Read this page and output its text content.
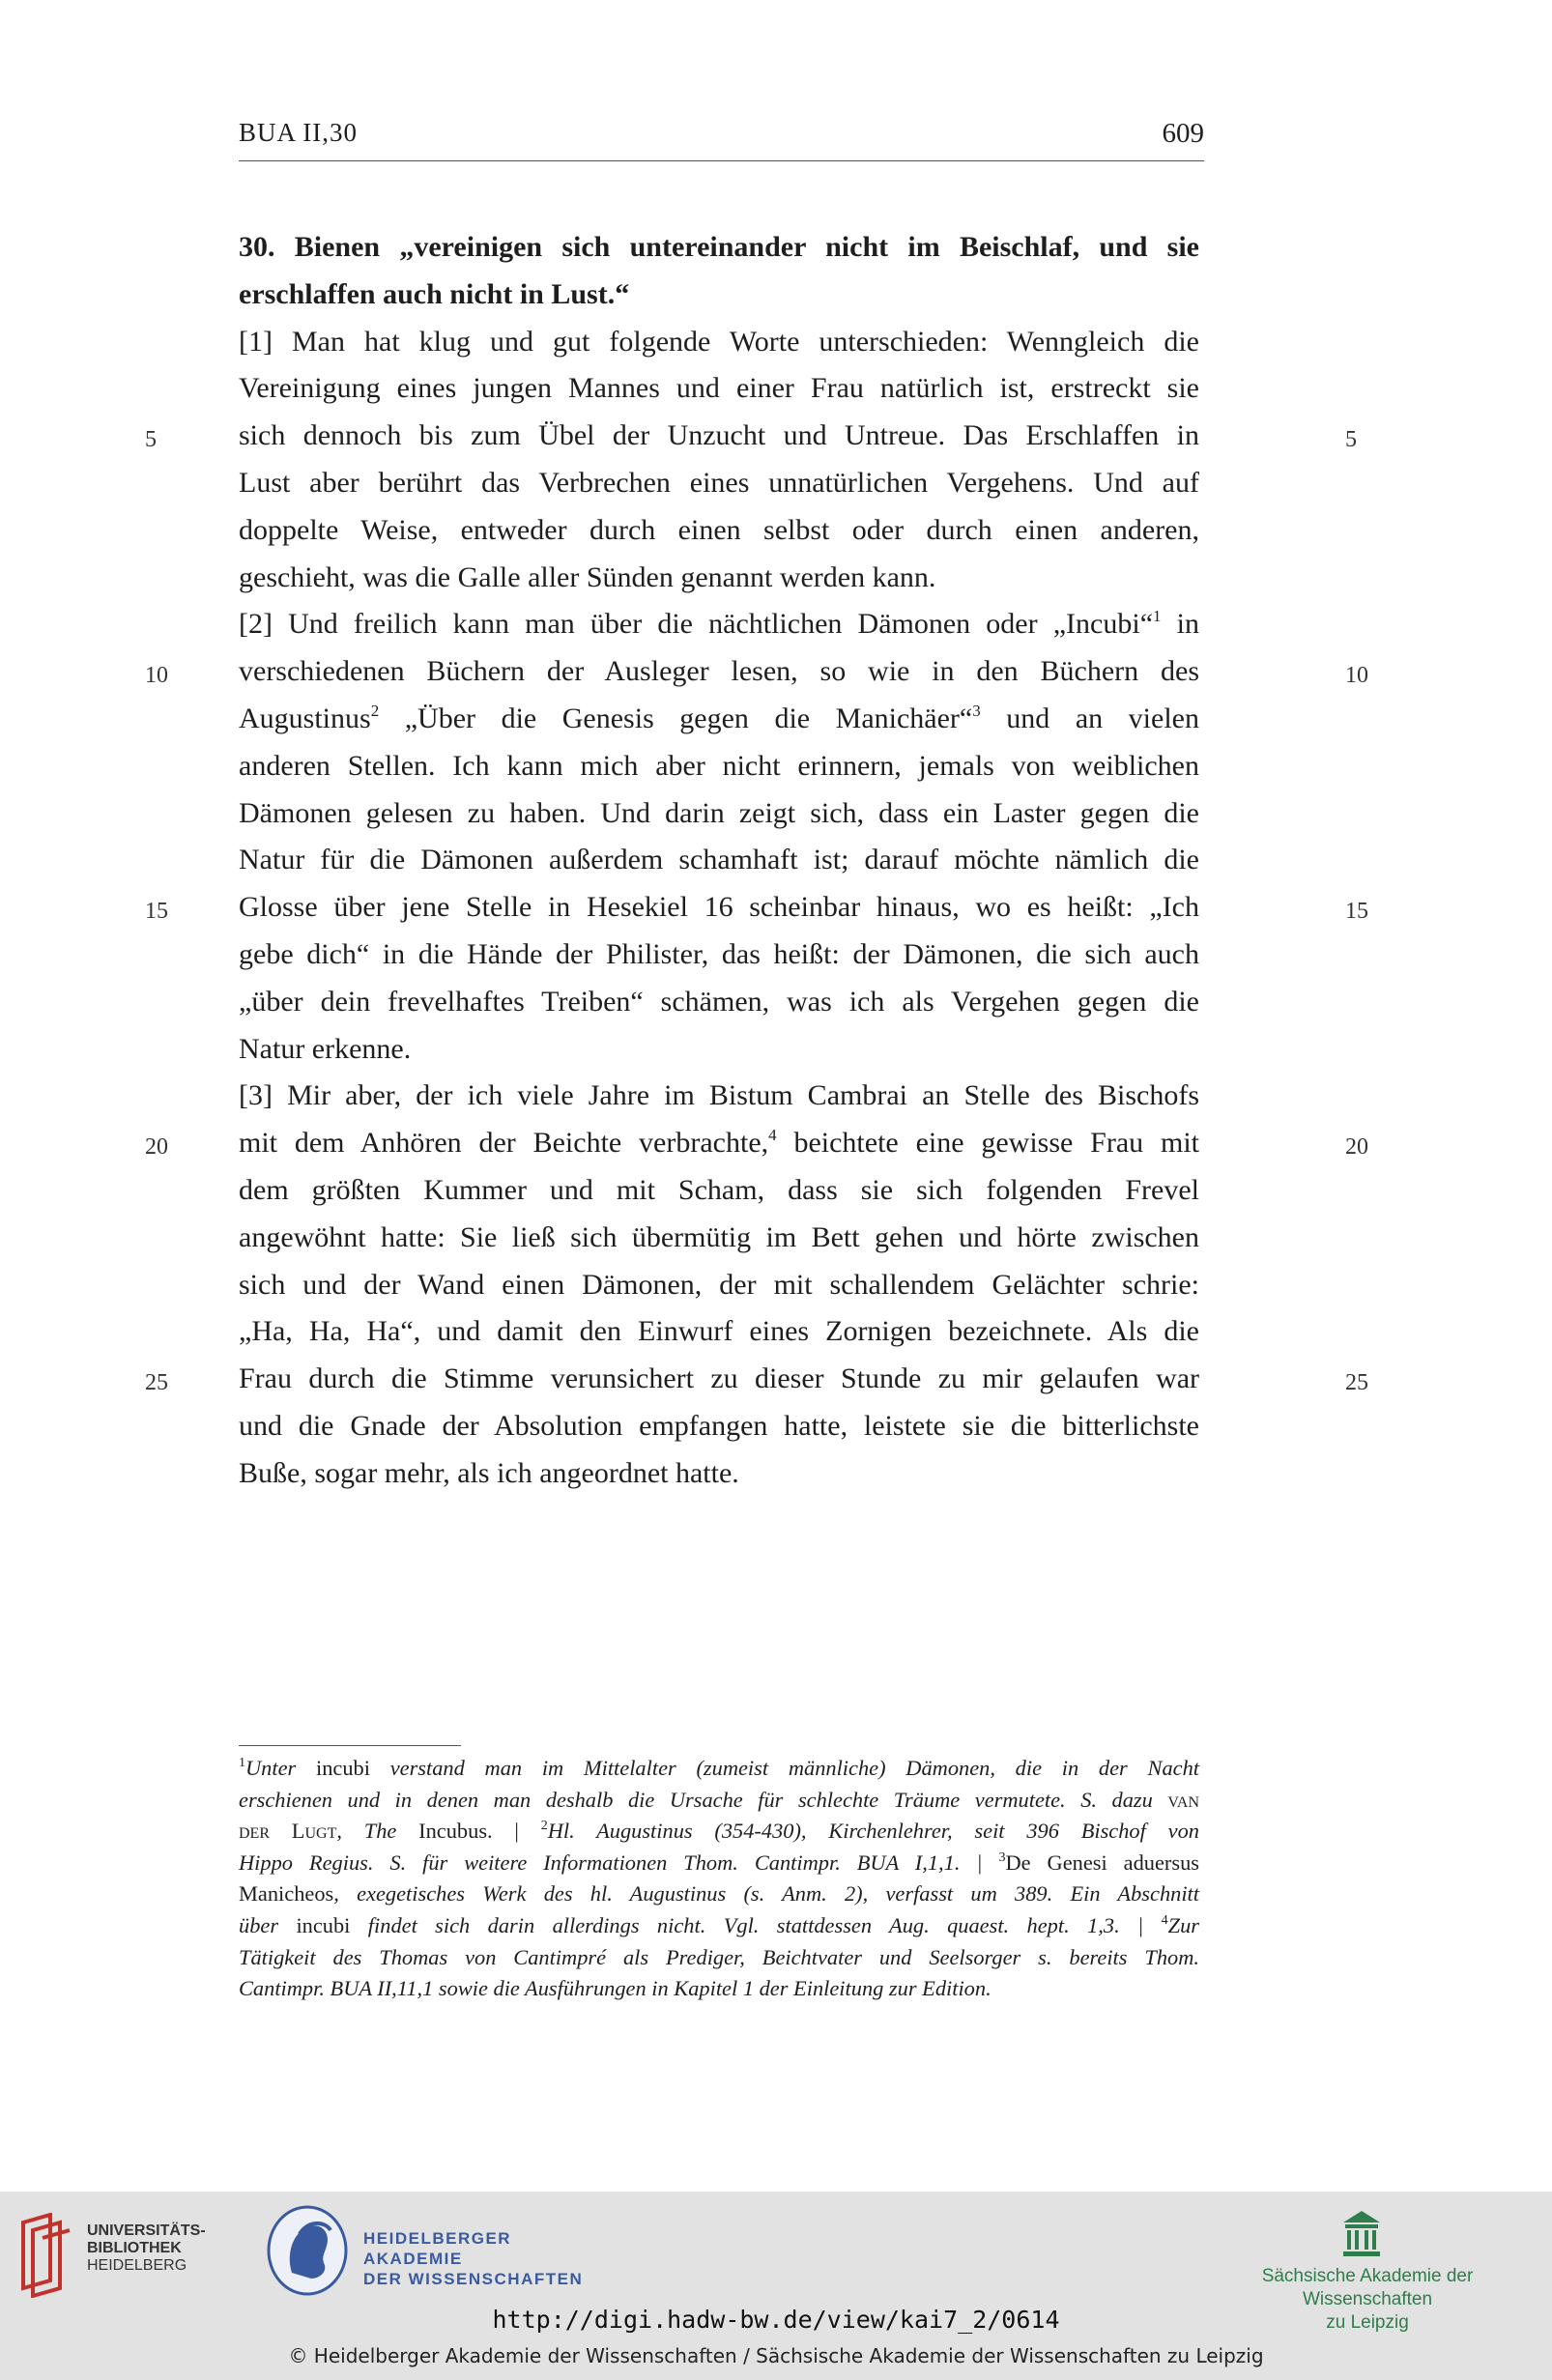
BUA II,30	609
30. Bienen „vereinigen sich untereinander nicht im Beischlaf, und sie
erschlaffen auch nicht in Lust.“
[1] Man hat klug und gut folgende Worte unterschieden: Wenngleich die
Vereinigung eines jungen Mannes und einer Frau natürlich ist, erstreckt sie
sich dennoch bis zum Übel der Unzucht und Untreue. Das Erschlaffen in
Lust aber berührt das Verbrechen eines unnatürlichen Vergehens. Und auf
doppelte Weise, entweder durch einen selbst oder durch einen anderen,
geschieht, was die Galle aller Sünden genannt werden kann.
[2] Und freilich kann man über die nächtlichen Dämonen oder „Incubi“$^1$ in
verschiedenen Büchern der Ausleger lesen, so wie in den Büchern des
Augustinus$^2$ „Über die Genesis gegen die Manichäer“$^3$ und an vielen
anderen Stellen. Ich kann mich aber nicht erinnern, jemals von weiblichen
Dämonen gelesen zu haben. Und darin zeigt sich, dass ein Laster gegen die
Natur für die Dämonen außerdem schamhaft ist; darauf möchte nämlich die
Glosse über jene Stelle in Hesekiel 16 scheinbar hinaus, wo es heißt: „Ich
gebe dich“ in die Hände der Philister, das heißt: der Dämonen, die sich auch
„über dein frevelhaftes Treiben“ schämen, was ich als Vergehen gegen die
Natur erkenne.
[3] Mir aber, der ich viele Jahre im Bistum Cambrai an Stelle des Bischofs
mit dem Anhören der Beichte verbrachte,$^4$ beichtete eine gewisse Frau mit
dem größten Kummer und mit Scham, dass sie sich folgenden Frevel
angewöhnt hatte: Sie ließ sich übermütig im Bett gehen und hörte zwischen
sich und der Wand einen Dämonen, der mit schallendem Gelächter schrie:
„Ha, Ha, Ha“, und damit den Einwurf eines Zornigen bezeichnete. Als die
Frau durch die Stimme verunsichert zu dieser Stunde zu mir gelaufen war
und die Gnade der Absolution empfangen hatte, leistete sie die bitterlichste
Buße, sogar mehr, als ich angeordnet hatte.
5
10
15
20
25
5
10
15
20
25
$^1$Unter incubi verstand man im Mittelalter (zumeist männliche) Dämonen, die in der Nacht
erschienen und in denen man deshalb die Ursache für schlechte Träume vermutete. S. dazu van
der Lugt, The Incubus. | $^2$Hl. Augustinus (354-430), Kirchenlehrer, seit 396 Bischof von
Hippo Regius. S. für weitere Informationen Thom. Cantimpr. BUA I,1,1. | $^3$De Genesi aduersus
Manicheos, exegetisches Werk des hl. Augustinus (s. Anm. 2), verfasst um 389. Ein Abschnitt
über incubi findet sich darin allerdings nicht. Vgl. stattdessen Aug. quaest. hept. 1,3. | $^4$Zur
Tätigkeit des Thomas von Cantimpré als Prediger, Beichtvater und Seelsorger s. bereits Thom.
Cantimpr. BUA II,11,1 sowie die Ausführungen in Kapitel 1 der Einleitung zur Edition.
UNIVERSITÄTS-
BIBLIOTHEK
HEIDELBERG
HEIDELBERGER AKADEMIE
DER WISSENSCHAFTEN	Sächsische Akademie der Wissenschaften
zu Leipzig
http://digi.hadw-bw.de/view/kai7_2/0614
© Heidelberger Akademie der Wissenschaften / Sächsische Akademie der Wissenschaften zu Leipzig
